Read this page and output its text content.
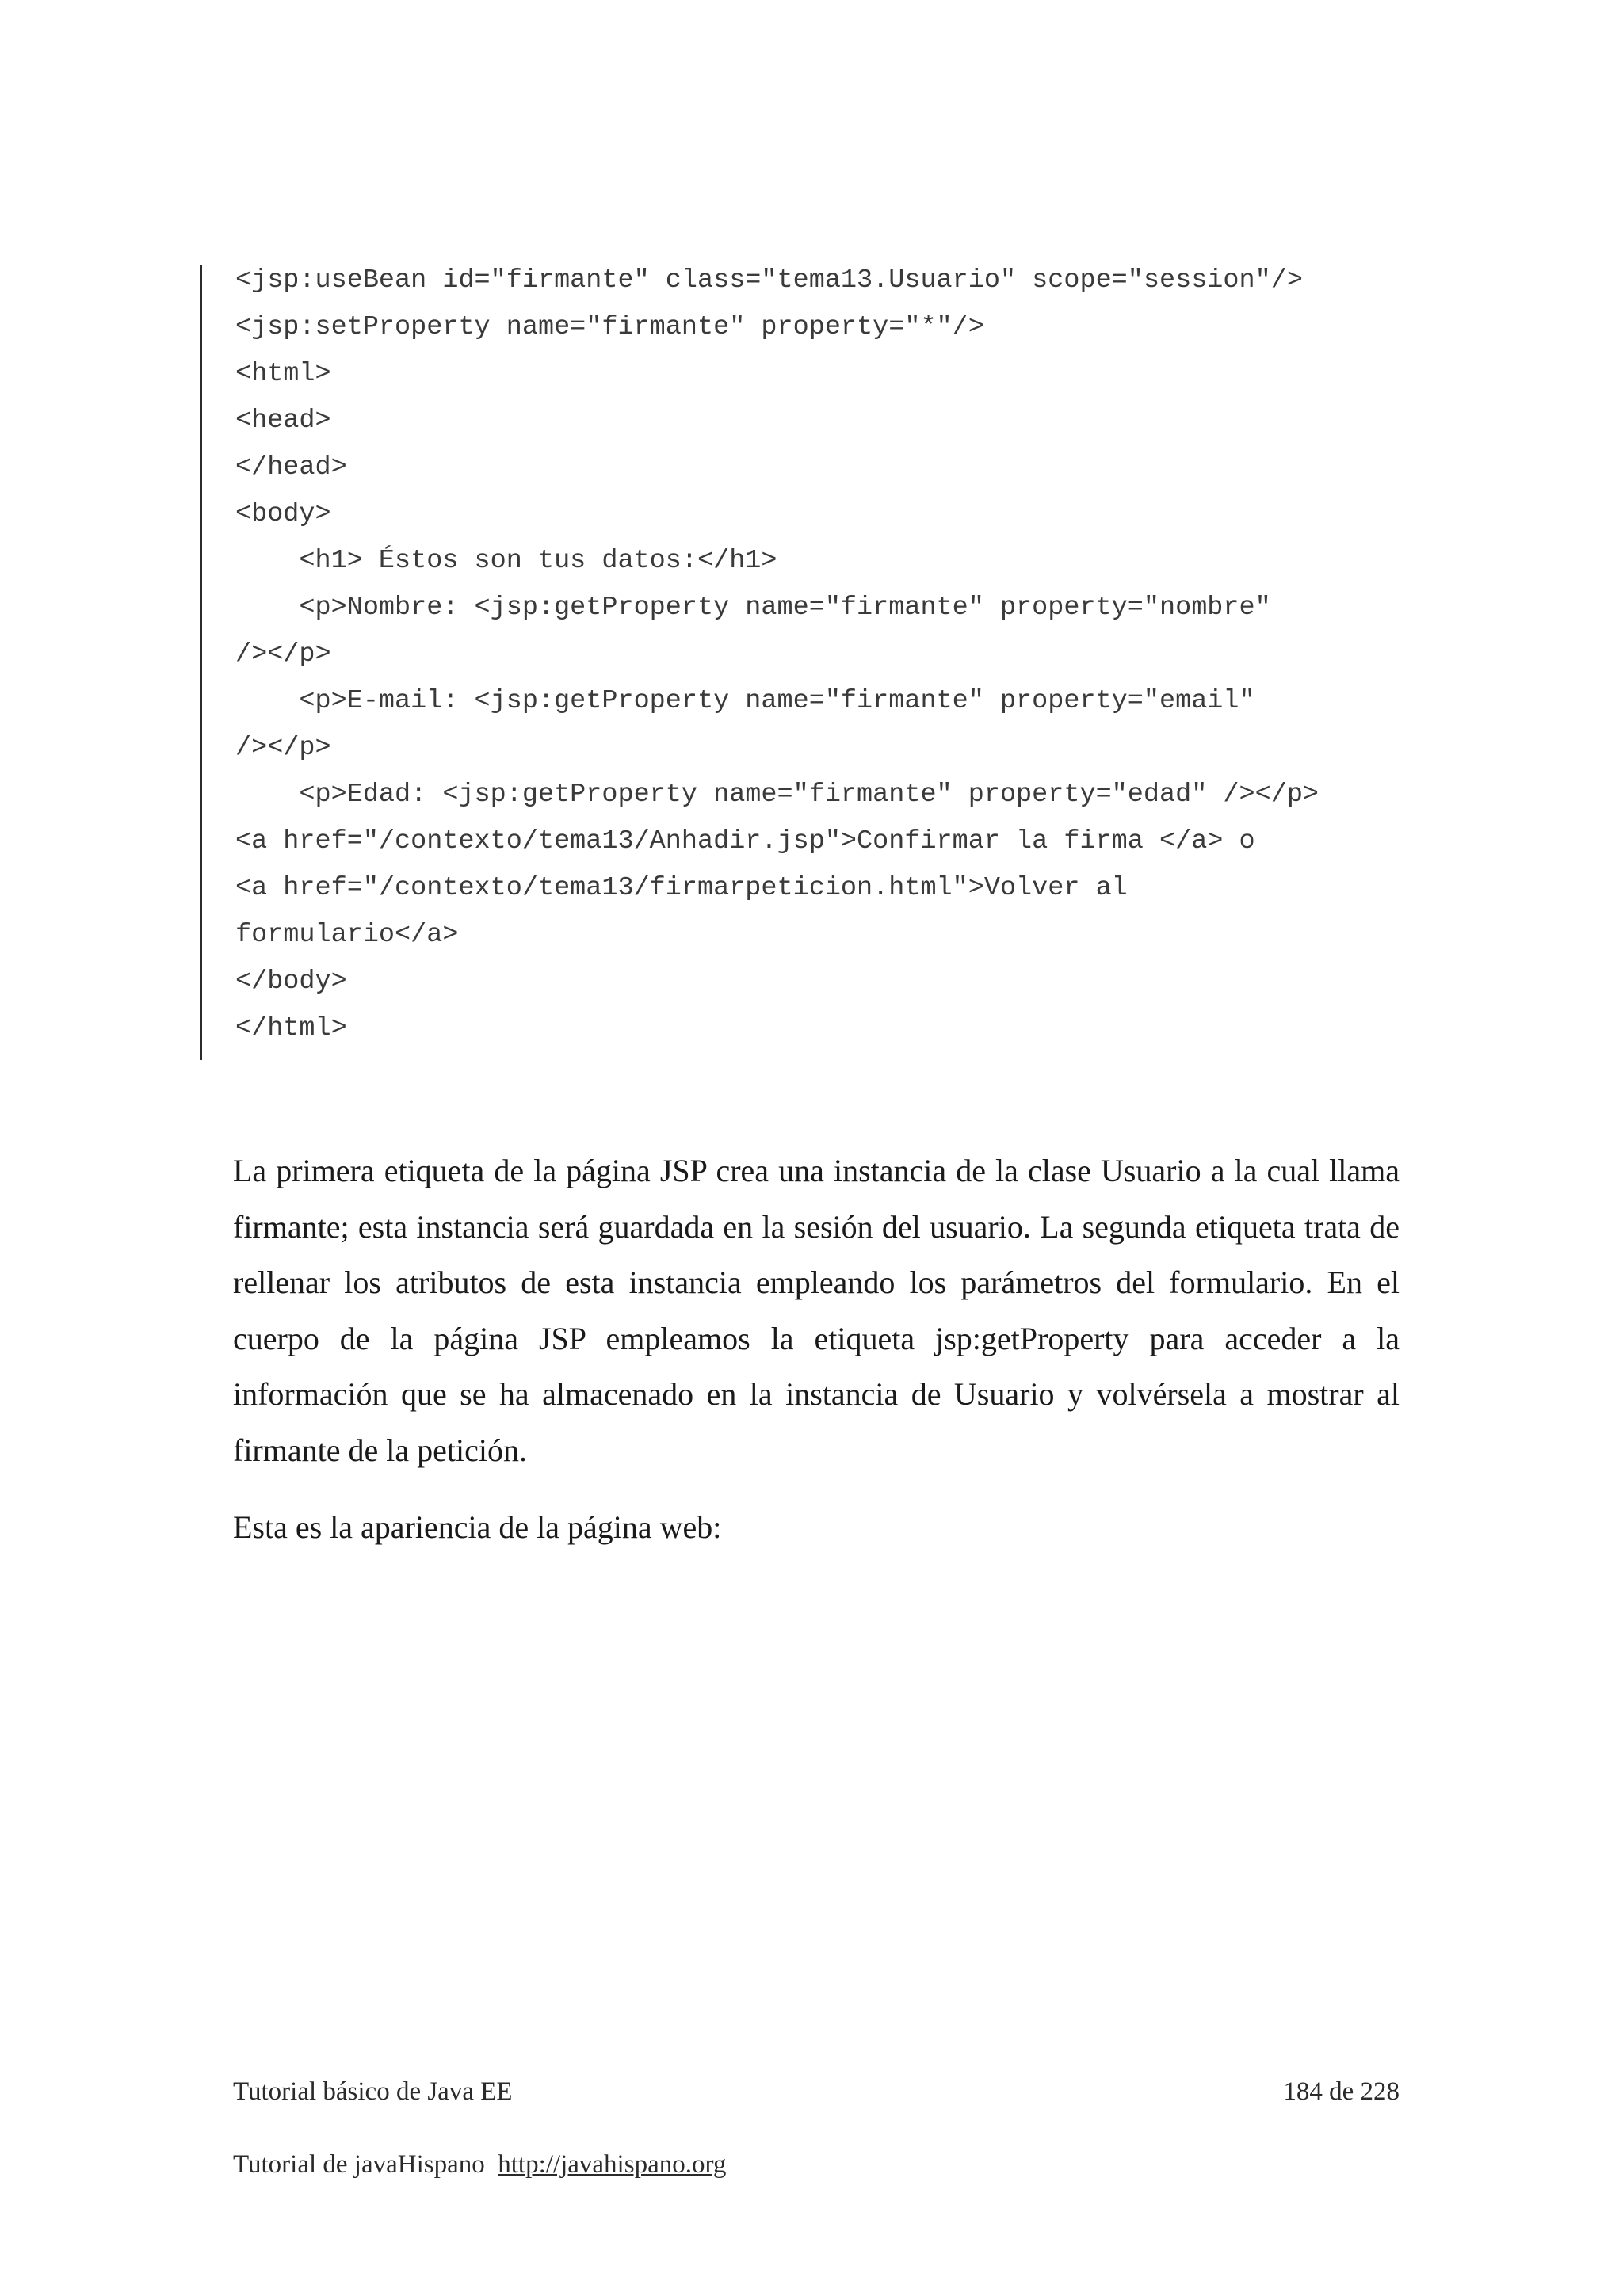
<jsp:useBean id="firmante" class="tema13.Usuario" scope="session"/>
<jsp:setProperty name="firmante" property="*"/>
<html>
<head>
</head>
<body>
<h1> Éstos son tus datos:</h1>
<p>Nombre: <jsp:getProperty name="firmante" property="nombre"
/></p>
<p>E-mail: <jsp:getProperty name="firmante" property="email"
/></p>
<p>Edad: <jsp:getProperty name="firmante" property="edad" /></p>
<a href="/contexto/tema13/Anhadir.jsp">Confirmar la firma </a> o
<a href="/contexto/tema13/firmarpeticion.html">Volver al
formulario</a>
</body>
</html>

La primera etiqueta de la página JSP crea una instancia de la clase Usuario a la cual llama firmante; esta instancia será guardada en la sesión del usuario. La segunda etiqueta trata de rellenar los atributos de esta instancia empleando los parámetros del formulario. En el cuerpo de la página JSP empleamos la etiqueta jsp:getProperty para acceder a la información que se ha almacenado en la instancia de Usuario y volvérsela a mostrar al firmante de la petición.

Esta es la apariencia de la página web:

Tutorial básico de Java EE	184 de 228
Tutorial de javaHispano http://javahispano.org
